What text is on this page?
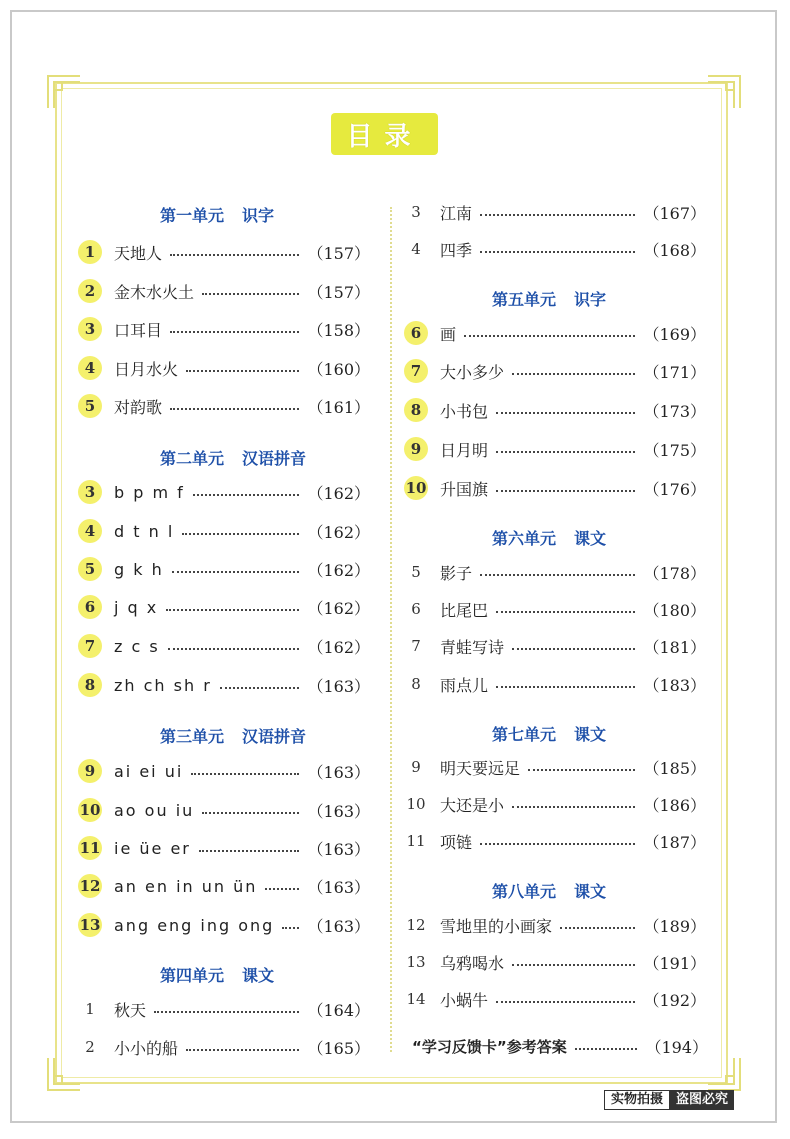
目录
第一单元 识字
1	天地人	（157）
2	金木水火土	（157）
3	口耳目	（158）
4	日月水火	（160）
5	对韵歌	（161）
第二单元 汉语拼音
3	b p m f	（162）
4	d t n l	（162）
5	g k h	（162）
6	j q x	（162）
7	z c s	（162）
8	zh ch sh r	（163）
第三单元 汉语拼音
9	ai ei ui	（163）
10 ao ou iu	（163）
11 ie üe er	（163）
12 an en in un ün	（163）
13 ang eng ing ong （163）
第四单元 课文
1	秋天	（164）
2	小小的船	（165）
3	江南	（167）
4	四季	（168）
第五单元 识字
6	画	（169）
7	大小多少	（171）
8	小书包	（173）
9	日月明	（175）
10 升国旗	（176）
第六单元 课文
5	影子	（178）
6	比尾巴	（180）
7	青蛙写诗	（181）
8	雨点儿	（183）
第七单元 课文
9	明天要远足	（185）
10 大还是小	（186）
11 项链	（187）
第八单元 课文
12 雪地里的小画家	（189）
13 乌鸦喝水	（191）
14 小蜗牛	（192）
“学习反馈卡”参考答案	（194）
实物拍摄	盗图必究
